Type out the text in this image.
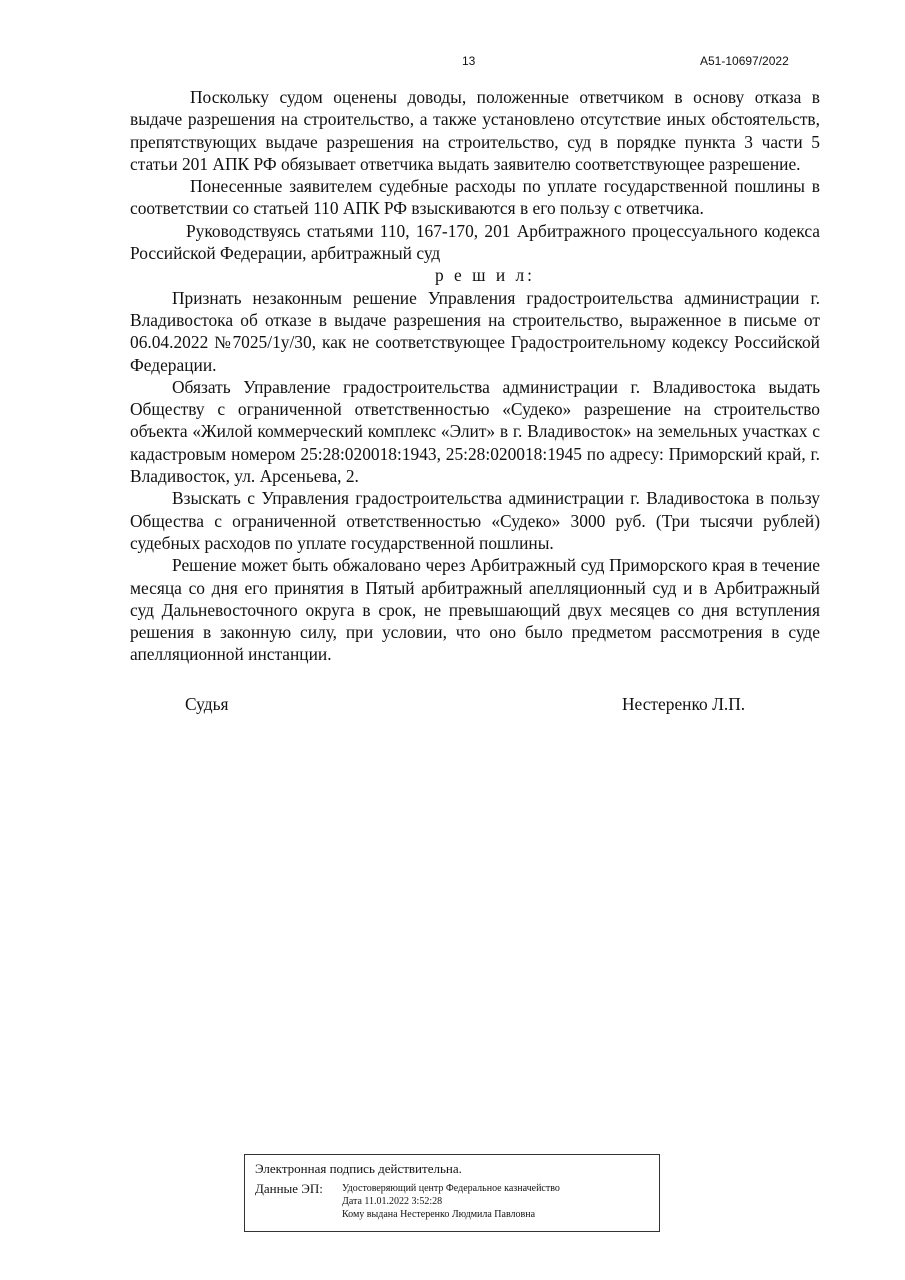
13	А51-10697/2022

Поскольку судом оценены доводы, положенные ответчиком в основу отказа в выдаче разрешения на строительство, а также установлено отсутствие иных обстоятельств, препятствующих выдаче разрешения на строительство, суд в порядке пункта 3 части 5 статьи 201 АПК РФ обязывает ответчика выдать заявителю соответствующее разрешение.

Понесенные заявителем судебные расходы по уплате государственной пошлины в соответствии со статьей 110 АПК РФ взыскиваются в его пользу с ответчика.

Руководствуясь статьями 110, 167-170, 201 Арбитражного процессуального кодекса Российской Федерации, арбитражный суд

р е ш и л:

Признать незаконным решение Управления градостроительства администрации г. Владивостока об отказе в выдаче разрешения на строительство, выраженное в письме от 06.04.2022 №7025/1у/30, как не соответствующее Градостроительному кодексу Российской Федерации.

Обязать Управление градостроительства администрации г. Владивостока выдать Обществу с ограниченной ответственностью «Судеко» разрешение на строительство объекта «Жилой коммерческий комплекс «Элит» в г. Владивосток» на земельных участках с кадастровым номером 25:28:020018:1943, 25:28:020018:1945 по адресу: Приморский край, г. Владивосток, ул. Арсеньева, 2.

Взыскать с Управления градостроительства администрации г. Владивостока в пользу Общества с ограниченной ответственностью «Судеко» 3000 руб. (Три тысячи рублей) судебных расходов по уплате государственной пошлины.

Решение может быть обжаловано через Арбитражный суд Приморского края в течение месяца со дня его принятия в Пятый арбитражный апелляционный суд и в Арбитражный суд Дальневосточного округа в срок, не превышающий двух месяцев со дня вступления решения в законную силу, при условии, что оно было предметом рассмотрения в суде апелляционной инстанции.

Судья	Нестеренко Л.П.
Электронная подпись действительна.
Данные ЭП:	Удостоверяющий центр Федеральное казначейство
Дата 11.01.2022 3:52:28
Кому выдана Нестеренко Людмила Павловна
